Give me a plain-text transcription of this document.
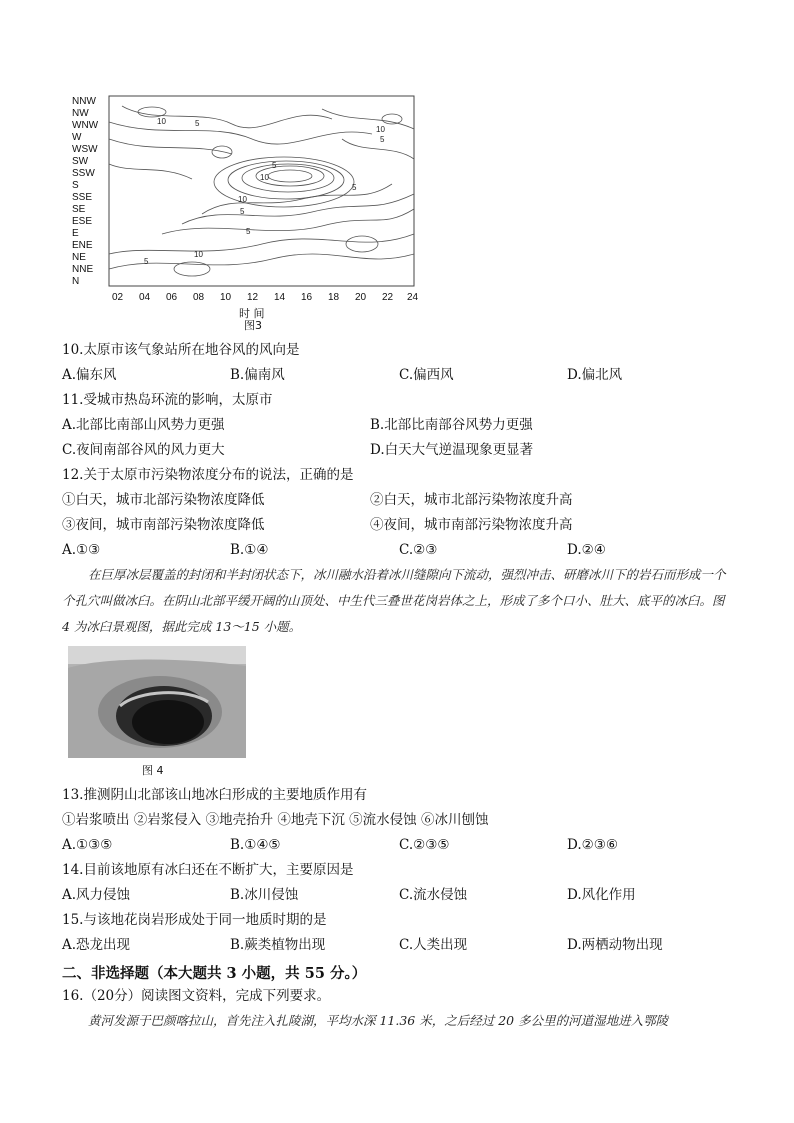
10	5
10
5
10
5
10
5
5
5
5
10
NNW
NW
WNW
W
WSW
SW
SSW
S
SSE
SE
ESE
E
ENE
NE
NNE
N
02 04 06 08 10 12 14 16 18 20 22 24
时 间
图3
10.太原市该气象站所在地谷风的风向是
A.偏东风	B.偏南风	C.偏西风	D.偏北风
11.受城市热岛环流的影响，太原市
A.北部比南部山风势力更强	B.北部比南部谷风势力更强
C.夜间南部谷风的风力更大	D.白天大气逆温现象更显著
12.关于太原市污染物浓度分布的说法，正确的是
①白天，城市北部污染物浓度降低	②白天，城市北部污染物浓度升高
③夜间，城市南部污染物浓度降低	④夜间，城市南部污染物浓度升高
A.①③	B.①④	C.②③	D.②④
在巨厚冰层覆盖的封闭和半封闭状态下，冰川融水沿着冰川缝隙向下流动，强烈冲击、研磨冰川下的岩石而形成一个个孔穴叫做冰臼。在阴山北部平缓开阔的山顶处、中生代三叠世花岗岩体之上，形成了多个口小、肚大、底平的冰臼。图 4 为冰臼景观图，据此完成 13～15 小题。
图 4
13.推测阴山北部该山地冰臼形成的主要地质作用有
①岩浆喷出 ②岩浆侵入 ③地壳抬升 ④地壳下沉 ⑤流水侵蚀 ⑥冰川刨蚀
A.①③⑤	B.①④⑤	C.②③⑤	D.②③⑥
14.目前该地原有冰臼还在不断扩大，主要原因是
A.风力侵蚀	B.冰川侵蚀	C.流水侵蚀	D.风化作用
15.与该地花岗岩形成处于同一地质时期的是
A.恐龙出现	B.蕨类植物出现	C.人类出现	D.两栖动物出现
二、非选择题（本大题共 3 小题，共 55 分。）
16.（20分）阅读图文资料，完成下列要求。
黄河发源于巴颜喀拉山，首先注入扎陵湖，平均水深 11.36 米，之后经过 20 多公里的河道湿地进入鄂陵
